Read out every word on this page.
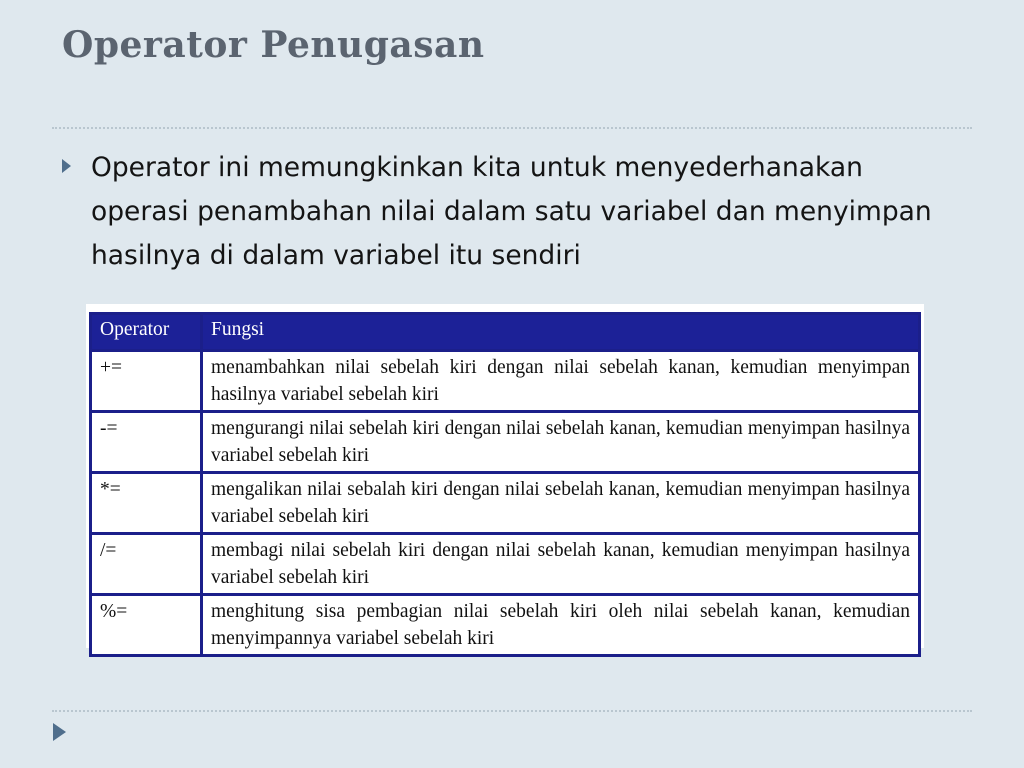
Operator Penugasan

Operator ini memungkinkan kita untuk menyederhanakan operasi penambahan nilai dalam satu variabel dan menyimpan hasilnya di dalam variabel itu sendiri

Operator	Fungsi
+=	menambahkan nilai sebelah kiri dengan nilai sebelah kanan, kemudian menyimpan hasilnya variabel sebelah kiri
-=	mengurangi nilai sebelah kiri dengan nilai sebelah kanan, kemudian menyimpan hasilnya variabel sebelah kiri
*=	mengalikan nilai sebalah kiri dengan nilai sebelah kanan, kemudian menyimpan hasilnya variabel sebelah kiri
/=	membagi nilai sebelah kiri dengan nilai sebelah kanan, kemudian menyimpan hasilnya variabel sebelah kiri
%=	menghitung sisa pembagian nilai sebelah kiri oleh nilai sebelah kanan, kemudian menyimpannya variabel sebelah kiri
